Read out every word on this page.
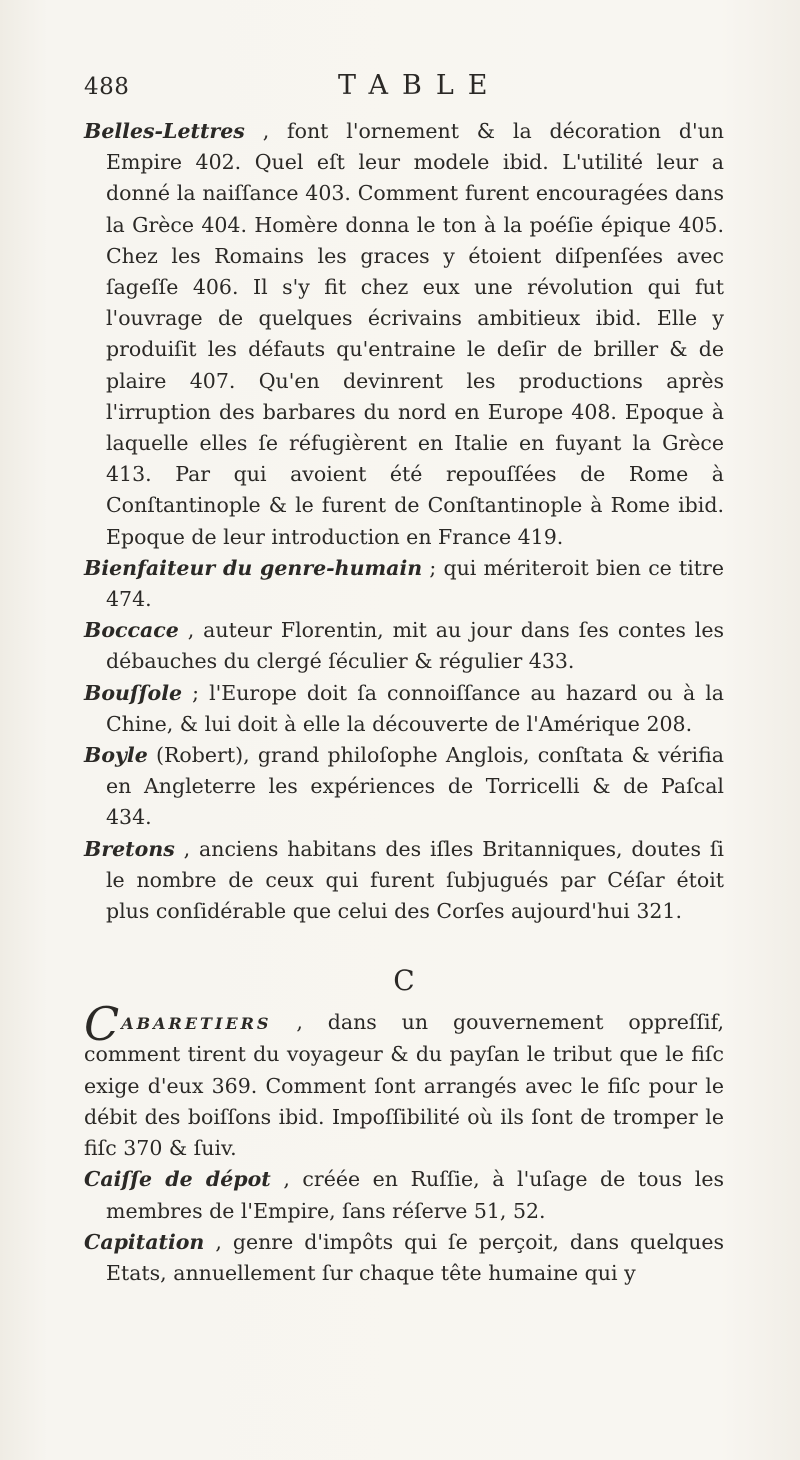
488	TABLE

Belles-Lettres , font l'ornement & la décoration d'un Empire 402. Quel eſt leur modele ibid. L'utilité leur a donné la naiſſance 403. Comment furent encouragées dans la Grèce 404. Homère donna le ton à la poéſie épique 405. Chez les Romains les graces y étoient diſpenſées avec ſageſſe 406. Il s'y fit chez eux une révolution qui fut l'ouvrage de quelques écrivains ambitieux ibid. Elle y produiſit les défauts qu'entraine le deſir de briller & de plaire 407. Qu'en devinrent les productions après l'irruption des barbares du nord en Europe 408. Epoque à laquelle elles ſe réfugièrent en Italie en fuyant la Grèce 413. Par qui avoient été repouſſées de Rome à Conſtantinople & le furent de Conſtantinople à Rome ibid. Epoque de leur introduction en France 419.

Bienfaiteur du genre-humain ; qui mériteroit bien ce titre 474.

Boccace , auteur Florentin, mit au jour dans ſes contes les débauches du clergé ſéculier & régulier 433.

Bouſſole ; l'Europe doit ſa connoiſſance au hazard ou à la Chine, & lui doit à elle la découverte de l'Amérique 208.

Boyle (Robert), grand philoſophe Anglois, conſtata & vérifia en Angleterre les expériences de Torricelli & de Paſcal 434.

Bretons , anciens habitans des iſles Britanniques, doutes ſi le nombre de ceux qui furent ſubjugués par Céſar étoit plus conſidérable que celui des Corſes aujourd'hui 321.

C

CABARETIERS , dans un gouvernement oppreſſif, comment tirent du voyageur & du payſan le tribut que le fiſc exige d'eux 369. Comment ſont arrangés avec le fiſc pour le débit des boiſſons ibid. Impoſſibilité où ils ſont de tromper le fiſc 370 & ſuiv.

Caiſſe de dépot , créée en Ruſſie, à l'uſage de tous les membres de l'Empire, ſans réſerve 51, 52.

Capitation , genre d'impôts qui ſe perçoit, dans quelques Etats, annuellement ſur chaque tête humaine qui y
